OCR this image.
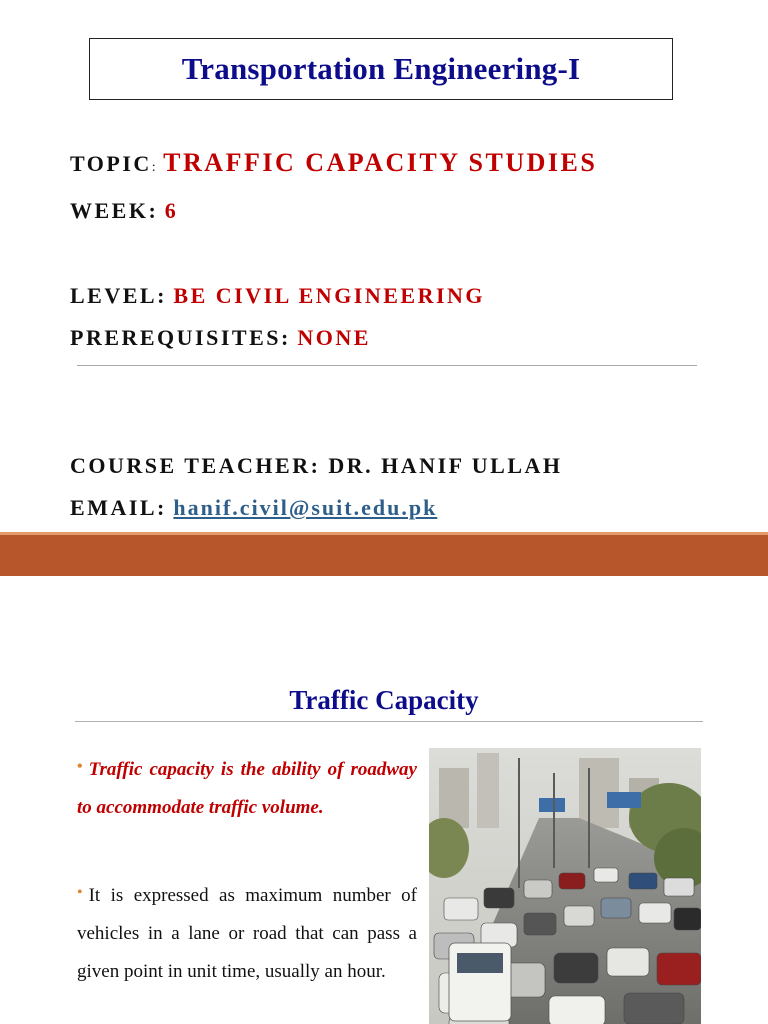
Transportation Engineering-I
TOPIC: TRAFFIC CAPACITY STUDIES
WEEK: 6
LEVEL: BE CIVIL ENGINEERING
PREREQUISITES: NONE
COURSE TEACHER: DR. HANIF ULLAH
EMAIL: hanif.civil@suit.edu.pk
Traffic Capacity
• Traffic capacity is the ability of roadway to accommodate traffic volume.
• It is expressed as maximum number of vehicles in a lane or road that can pass a given point in unit time, usually an hour.
